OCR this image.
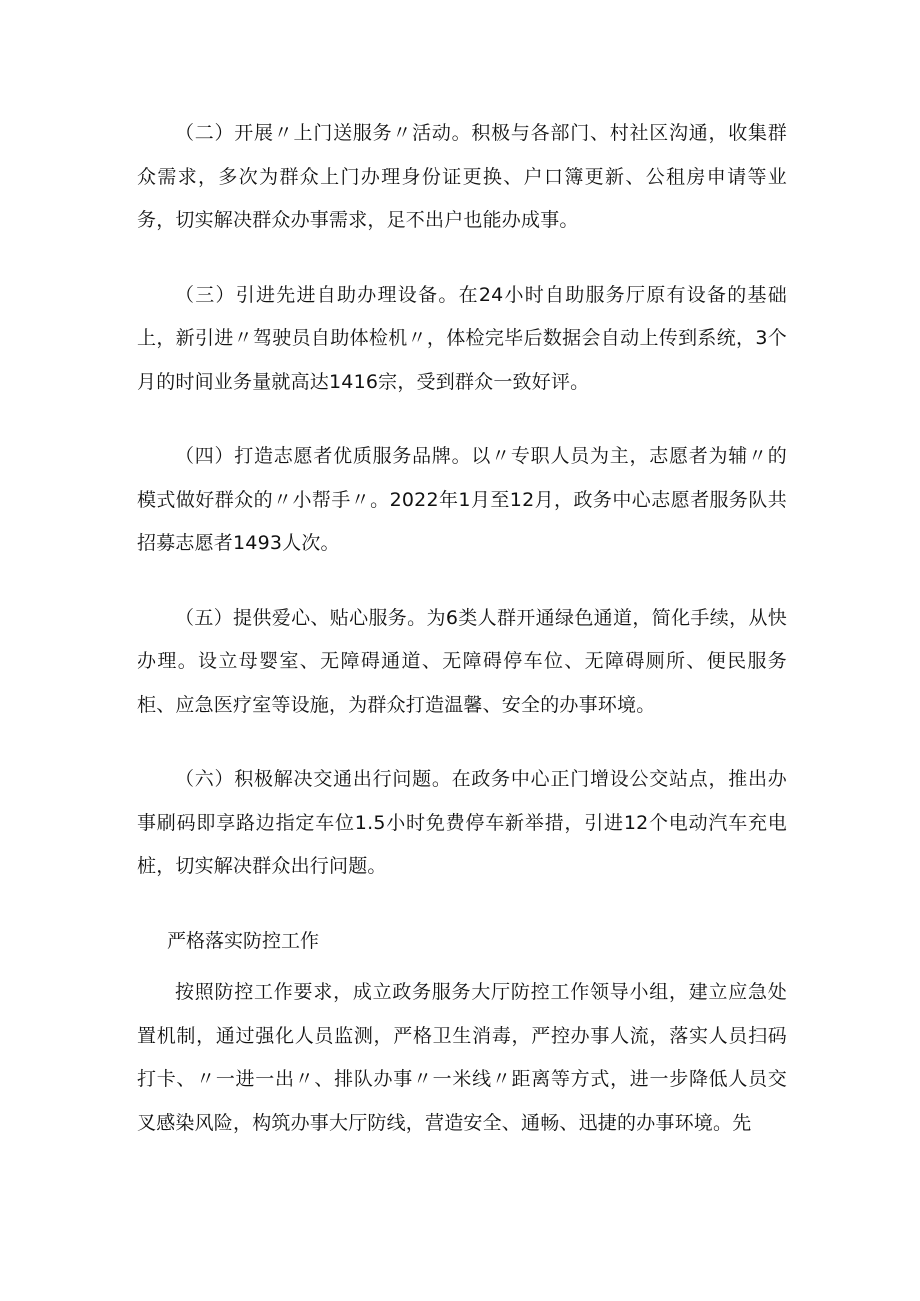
（二）开展〃上门送服务〃活动。积极与各部门、村社区沟通，收集群众需求，多次为群众上门办理身份证更换、户口簿更新、公租房申请等业务，切实解决群众办事需求，足不出户也能办成事。

（三）引进先进自助办理设备。在24小时自助服务厅原有设备的基础上，新引进〃驾驶员自助体检机〃，体检完毕后数据会自动上传到系统，3个月的时间业务量就高达1416宗，受到群众一致好评。

（四）打造志愿者优质服务品牌。以〃专职人员为主，志愿者为辅〃的模式做好群众的〃小帮手〃。2022年1月至12月，政务中心志愿者服务队共招募志愿者1493人次。

（五）提供爱心、贴心服务。为6类人群开通绿色通道，简化手续，从快办理。设立母婴室、无障碍通道、无障碍停车位、无障碍厕所、便民服务柜、应急医疗室等设施，为群众打造温馨、安全的办事环境。

（六）积极解决交通出行问题。在政务中心正门增设公交站点，推出办事刷码即享路边指定车位1.5小时免费停车新举措，引进12个电动汽车充电桩，切实解决群众出行问题。

严格落实防控工作

按照防控工作要求，成立政务服务大厅防控工作领导小组，建立应急处置机制，通过强化人员监测，严格卫生消毒，严控办事人流，落实人员扫码打卡、〃一进一出〃、排队办事〃一米线〃距离等方式，进一步降低人员交叉感染风险，构筑办事大厅防线，营造安全、通畅、迅捷的办事环境。先
